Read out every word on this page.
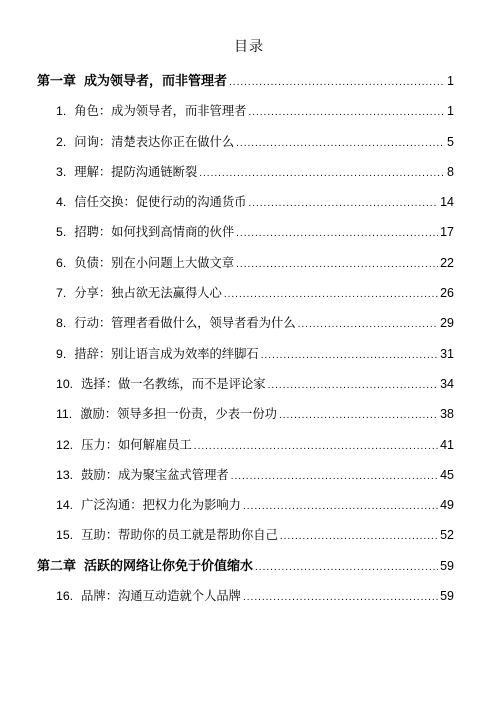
目录
第一章 成为领导者，而非管理者 .....	1
1. 角色：成为领导者，而非管理者 .....	1
2. 问询：清楚表达你正在做什么 .....	5
3. 理解：提防沟通链断裂 .....	8
4. 信任交换：促使行动的沟通货币 .....	14
5. 招聘：如何找到高情商的伙伴 .....	17
6. 负债：别在小问题上大做文章 .....	22
7. 分享：独占欲无法赢得人心 .....	26
8. 行动：管理者看做什么，领导者看为什么 .....	29
9. 措辞：别让语言成为效率的绊脚石 .....	31
10. 选择：做一名教练，而不是评论家 .....	34
11. 激励：领导多担一份责，少表一份功 .....	38
12. 压力：如何解雇员工 .....	41
13. 鼓励：成为聚宝盆式管理者 .....	45
14. 广泛沟通：把权力化为影响力 .....	49
15. 互助：帮助你的员工就是帮助你自己 .....	52
第二章 活跃的网络让你免于价值缩水 .....	59
16. 品牌：沟通互动造就个人品牌 .....	59
